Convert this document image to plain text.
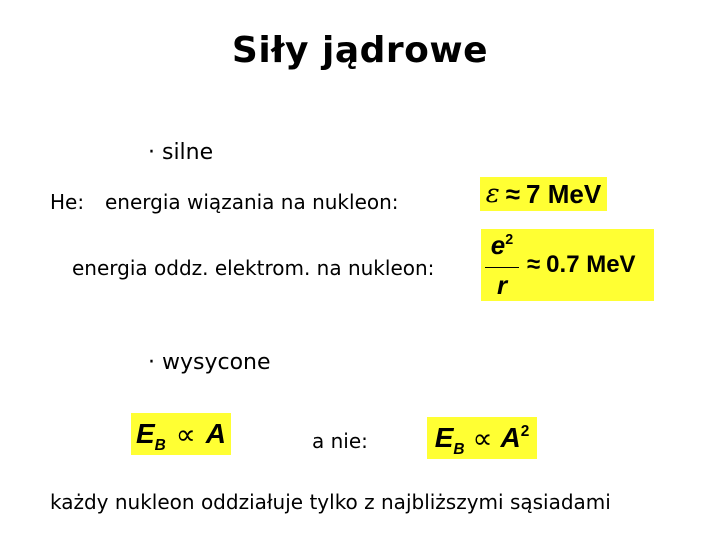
Siły jądrowe
· silne
He: energia wiązania na nukleon:	ε ≈ 7 MeV
energia oddz. elektrom. na nukleon: $\frac{e^2}{r} \approx 0.7$ MeV
· wysycone
$E_B \propto A$	a nie: $E_B \propto A^2$
każdy nukleon oddziałuje tylko z najbliższymi sąsiadami
